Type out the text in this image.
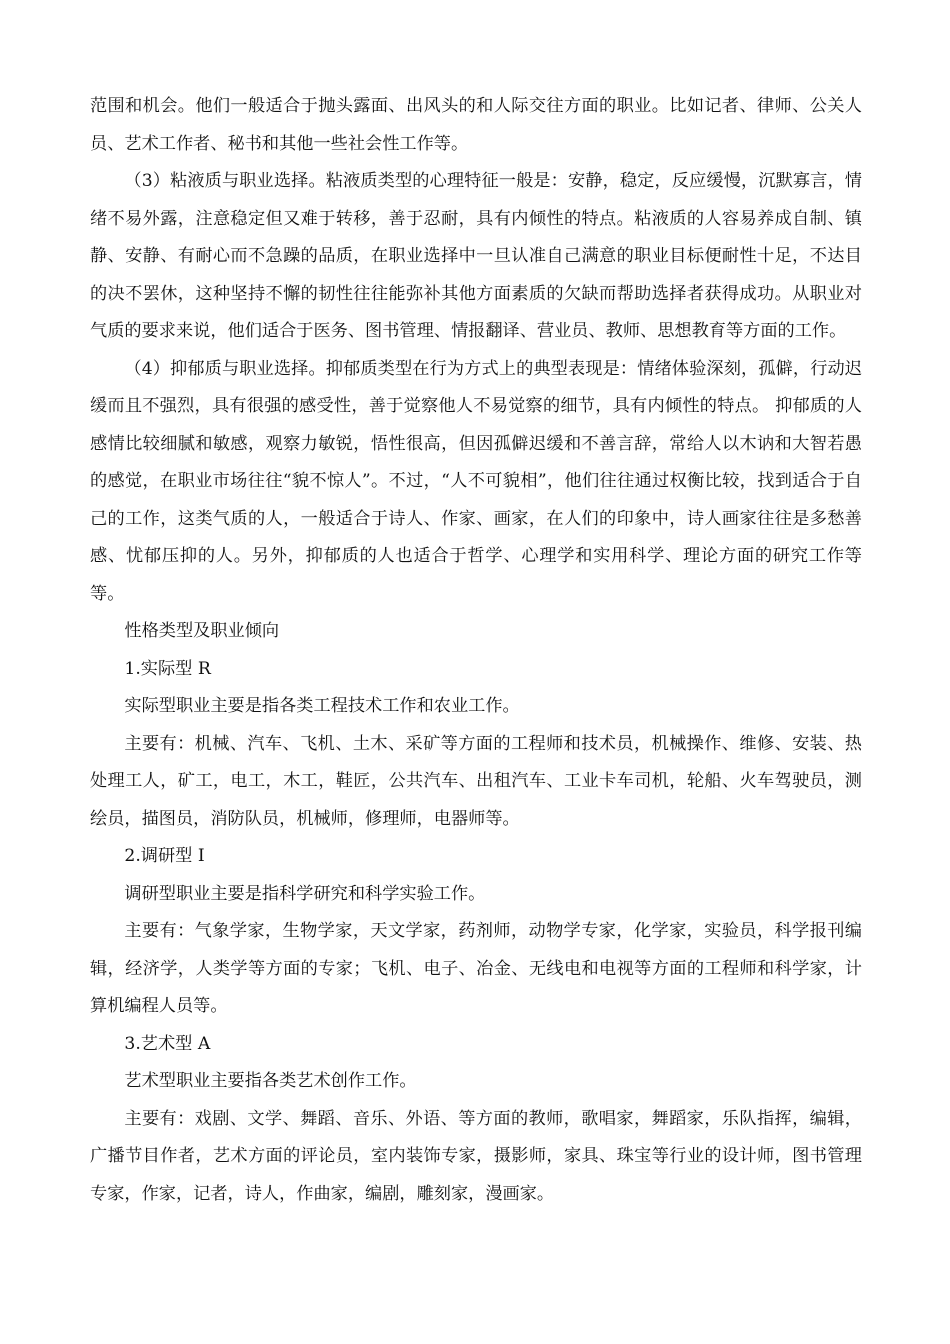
范围和机会。他们一般适合于抛头露面、出风头的和人际交往方面的职业。比如记者、律师、公关人员、艺术工作者、秘书和其他一些社会性工作等。

（3）粘液质与职业选择。粘液质类型的心理特征一般是：安静，稳定，反应缓慢，沉默寡言，情绪不易外露，注意稳定但又难于转移，善于忍耐，具有内倾性的特点。粘液质的人容易养成自制、镇静、安静、有耐心而不急躁的品质，在职业选择中一旦认准自己满意的职业目标便耐性十足，不达目的决不罢休，这种坚持不懈的韧性往往能弥补其他方面素质的欠缺而帮助选择者获得成功。从职业对气质的要求来说，他们适合于医务、图书管理、情报翻译、营业员、教师、思想教育等方面的工作。

（4）抑郁质与职业选择。抑郁质类型在行为方式上的典型表现是：情绪体验深刻，孤僻，行动迟缓而且不强烈，具有很强的感受性，善于觉察他人不易觉察的细节，具有内倾性的特点。 抑郁质的人感情比较细腻和敏感，观察力敏锐，悟性很高，但因孤僻迟缓和不善言辞，常给人以木讷和大智若愚的感觉，在职业市场往往“貌不惊人”。不过，“人不可貌相”，他们往往通过权衡比较，找到适合于自己的工作，这类气质的人，一般适合于诗人、作家、画家，在人们的印象中，诗人画家往往是多愁善感、忧郁压抑的人。另外，抑郁质的人也适合于哲学、心理学和实用科学、理论方面的研究工作等等。

性格类型及职业倾向

1.实际型 R

实际型职业主要是指各类工程技术工作和农业工作。

主要有：机械、汽车、飞机、土木、采矿等方面的工程师和技术员，机械操作、维修、安装、热处理工人，矿工，电工，木工，鞋匠，公共汽车、出租汽车、工业卡车司机，轮船、火车驾驶员，测绘员，描图员，消防队员，机械师，修理师，电器师等。

2.调研型 I

调研型职业主要是指科学研究和科学实验工作。

主要有：气象学家，生物学家，天文学家，药剂师，动物学专家，化学家，实验员，科学报刊编辑，经济学，人类学等方面的专家；飞机、电子、冶金、无线电和电视等方面的工程师和科学家，计算机编程人员等。

3.艺术型 A

艺术型职业主要指各类艺术创作工作。

主要有：戏剧、文学、舞蹈、音乐、外语、等方面的教师，歌唱家，舞蹈家，乐队指挥，编辑，广播节目作者，艺术方面的评论员，室内装饰专家，摄影师，家具、珠宝等行业的设计师，图书管理专家，作家，记者，诗人，作曲家，编剧，雕刻家，漫画家。
